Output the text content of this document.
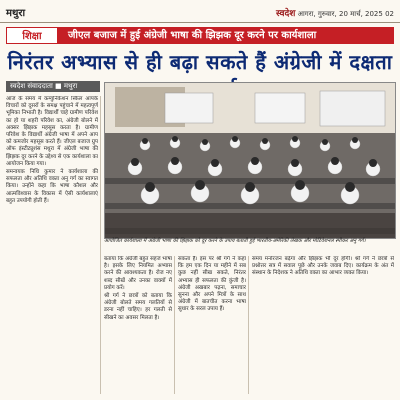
मथुरा	स्वदेश आगरा, गुरुवार, 20 मार्च, 2025 02
शिक्षा	जीएल बजाज में हुई अंग्रेजी भाषा की झिझक दूर करने पर कार्यशाला
निरंतर अभ्यास से ही बढ़ा सकते हैं अंग्रेजी में दक्षता
स्वदेश संवाददाता ■ मथुरा

आज के समय में कम्युनिकेशन स्किल आपके विचारों को दूसरों के समक्ष पहुंचाने में महत्वपूर्ण भूमिका निभाती है। विद्यार्थी चाहे ग्रामीण परिवेश का हो या शहरी परिवेश का, अंग्रेजी बोलने में अक्सर झिझक महसूस करता है। ग्रामीण परिवेश के विद्यार्थी अंग्रेजी भाषा में अपने आप को कमजोर महसूस करते हैं। जीएल बजाज ग्रुप ऑफ इंस्टीट्यूशंस मथुरा में अंग्रेजी भाषा की झिझक दूर करने के उद्देश्य से एक कार्यशाला का आयोजन किया गया।

समन्वयक निधि कुमार ने कार्यशाला की सफलता और अतिथि वक्ता अनु गर्ग का स्वागत किया। उन्होंने कहा कि भाषा कौशल और आत्मविश्वास के विकास में ऐसी कार्यशालाएं बहुत उपयोगी होती हैं।

आयोजित कार्यशाला में अंग्रेजी भाषा की झिझक को दूर करने के उपाय बताती हुई भारतीय-अमेरिकी लेखक और मोटिवेशनल स्पीकर अनु गर्ग।

बताया कि अंग्रेजी बहुत सहज भाषा है। इसके लिए नियमित अभ्यास करने की आवश्यकता है। रोज नए शब्द सीखें और उनका वाक्यों में प्रयोग करें।

श्री गर्ग ने छात्रों को बताया कि अंग्रेजी बोलते समय गलतियों से डरना नहीं चाहिए। हर गलती से सीखने का अवसर मिलता है।

सकता है। इस पर श्री गर्ग ने कहा कि हम एक दिन या महीने में सब कुछ नहीं सीख सकते, निरंतर अभ्यास ही सफलता की कुंजी है। अंग्रेजी अखबार पढ़ना, समाचार सुनना और अपने मित्रों के साथ अंग्रेजी में बातचीत करना भाषा सुधार के सरल उपाय हैं।

समय मनोरंजन बढ़ेगा और झिझक भी दूर होगी। श्री गर्ग ने छात्रों से प्रश्नोत्तर सत्र में सवाल पूछे और उनके जवाब दिए। कार्यक्रम के अंत में संस्थान के निदेशक ने अतिथि वक्ता का आभार व्यक्त किया।
